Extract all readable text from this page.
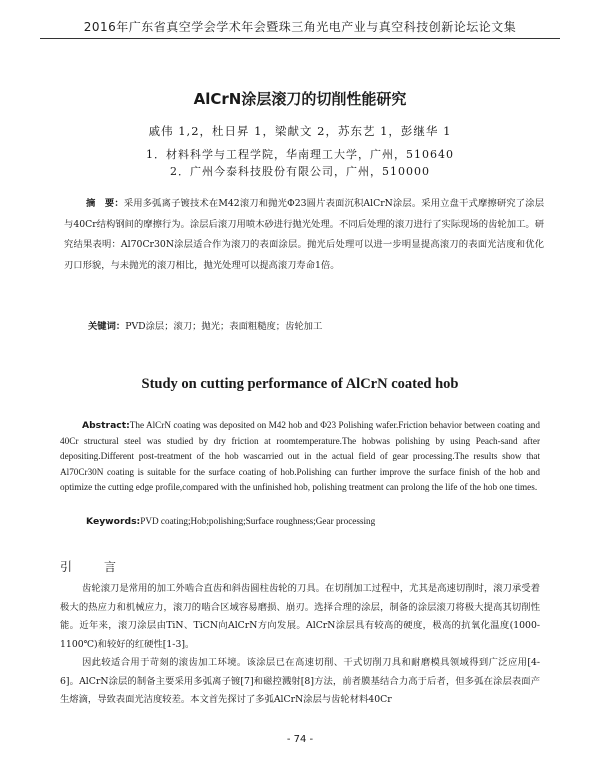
2016年广东省真空学会学术年会暨珠三角光电产业与真空科技创新论坛论文集
AlCrN涂层滚刀的切削性能研究
戚伟 1,2，杜日昇 1，梁献文 2，苏东艺 1，彭继华 1
1．材料科学与工程学院，华南理工大学，广州，510640
2．广州今泰科技股份有限公司，广州，510000
摘　要：采用多弧离子镀技术在M42滚刀和抛光Φ23圆片表面沉积AlCrN涂层。采用立盘干式摩擦研究了涂层与40Cr结构钢间的摩擦行为。涂层后滚刀用喷木砂进行抛光处理。不同后处理的滚刀进行了实际现场的齿轮加工。研究结果表明：Al70Cr30N涂层适合作为滚刀的表面涂层。抛光后处理可以进一步明显提高滚刀的表面光洁度和优化刃口形貌，与未抛光的滚刀相比，抛光处理可以提高滚刀寿命1倍。
关键词：PVD涂层；滚刀；抛光；表面粗糙度；齿轮加工
Study on cutting performance of AlCrN coated hob
Abstract:The AlCrN coating was deposited on M42 hob and Φ23 Polishing wafer.Friction behavior between coating and 40Cr structural steel was studied by dry friction at roomtemperature.The hobwas polishing by using Peach-sand after depositing.Different post-treatment of the hob wascarried out in the actual field of gear processing.The results show that Al70Cr30N coating is suitable for the surface coating of hob.Polishing can further improve the surface finish of the hob and optimize the cutting edge profile,compared with the unfinished hob, polishing treatment can prolong the life of the hob one times.
Keywords:PVD coating;Hob;polishing;Surface roughness;Gear processing
引　言

齿轮滚刀是常用的加工外啮合直齿和斜齿圆柱齿轮的刀具。在切削加工过程中，尤其是高速切削时，滚刀承受着极大的热应力和机械应力，滚刀的啮合区域容易磨损、崩刃。选择合理的涂层，制备的涂层滚刀将极大提高其切削性能。近年来，滚刀涂层由TiN、TiCN向AlCrN方向发展。AlCrN涂层具有较高的硬度，极高的抗氧化温度(1000-1100℃)和较好的红硬性[1-3]。

因此较适合用于苛刻的滚齿加工环境。该涂层已在高速切削、干式切削刀具和耐磨模具领域得到广泛应用[4-6]。AlCrN涂层的制备主要采用多弧离子镀[7]和磁控溅射[8]方法，前者膜基结合力高于后者，但多弧在涂层表面产生熔滴，导致表面光洁度较差。本文首先探讨了多弧AlCrN涂层与齿轮材料40Cr

- 74 -
